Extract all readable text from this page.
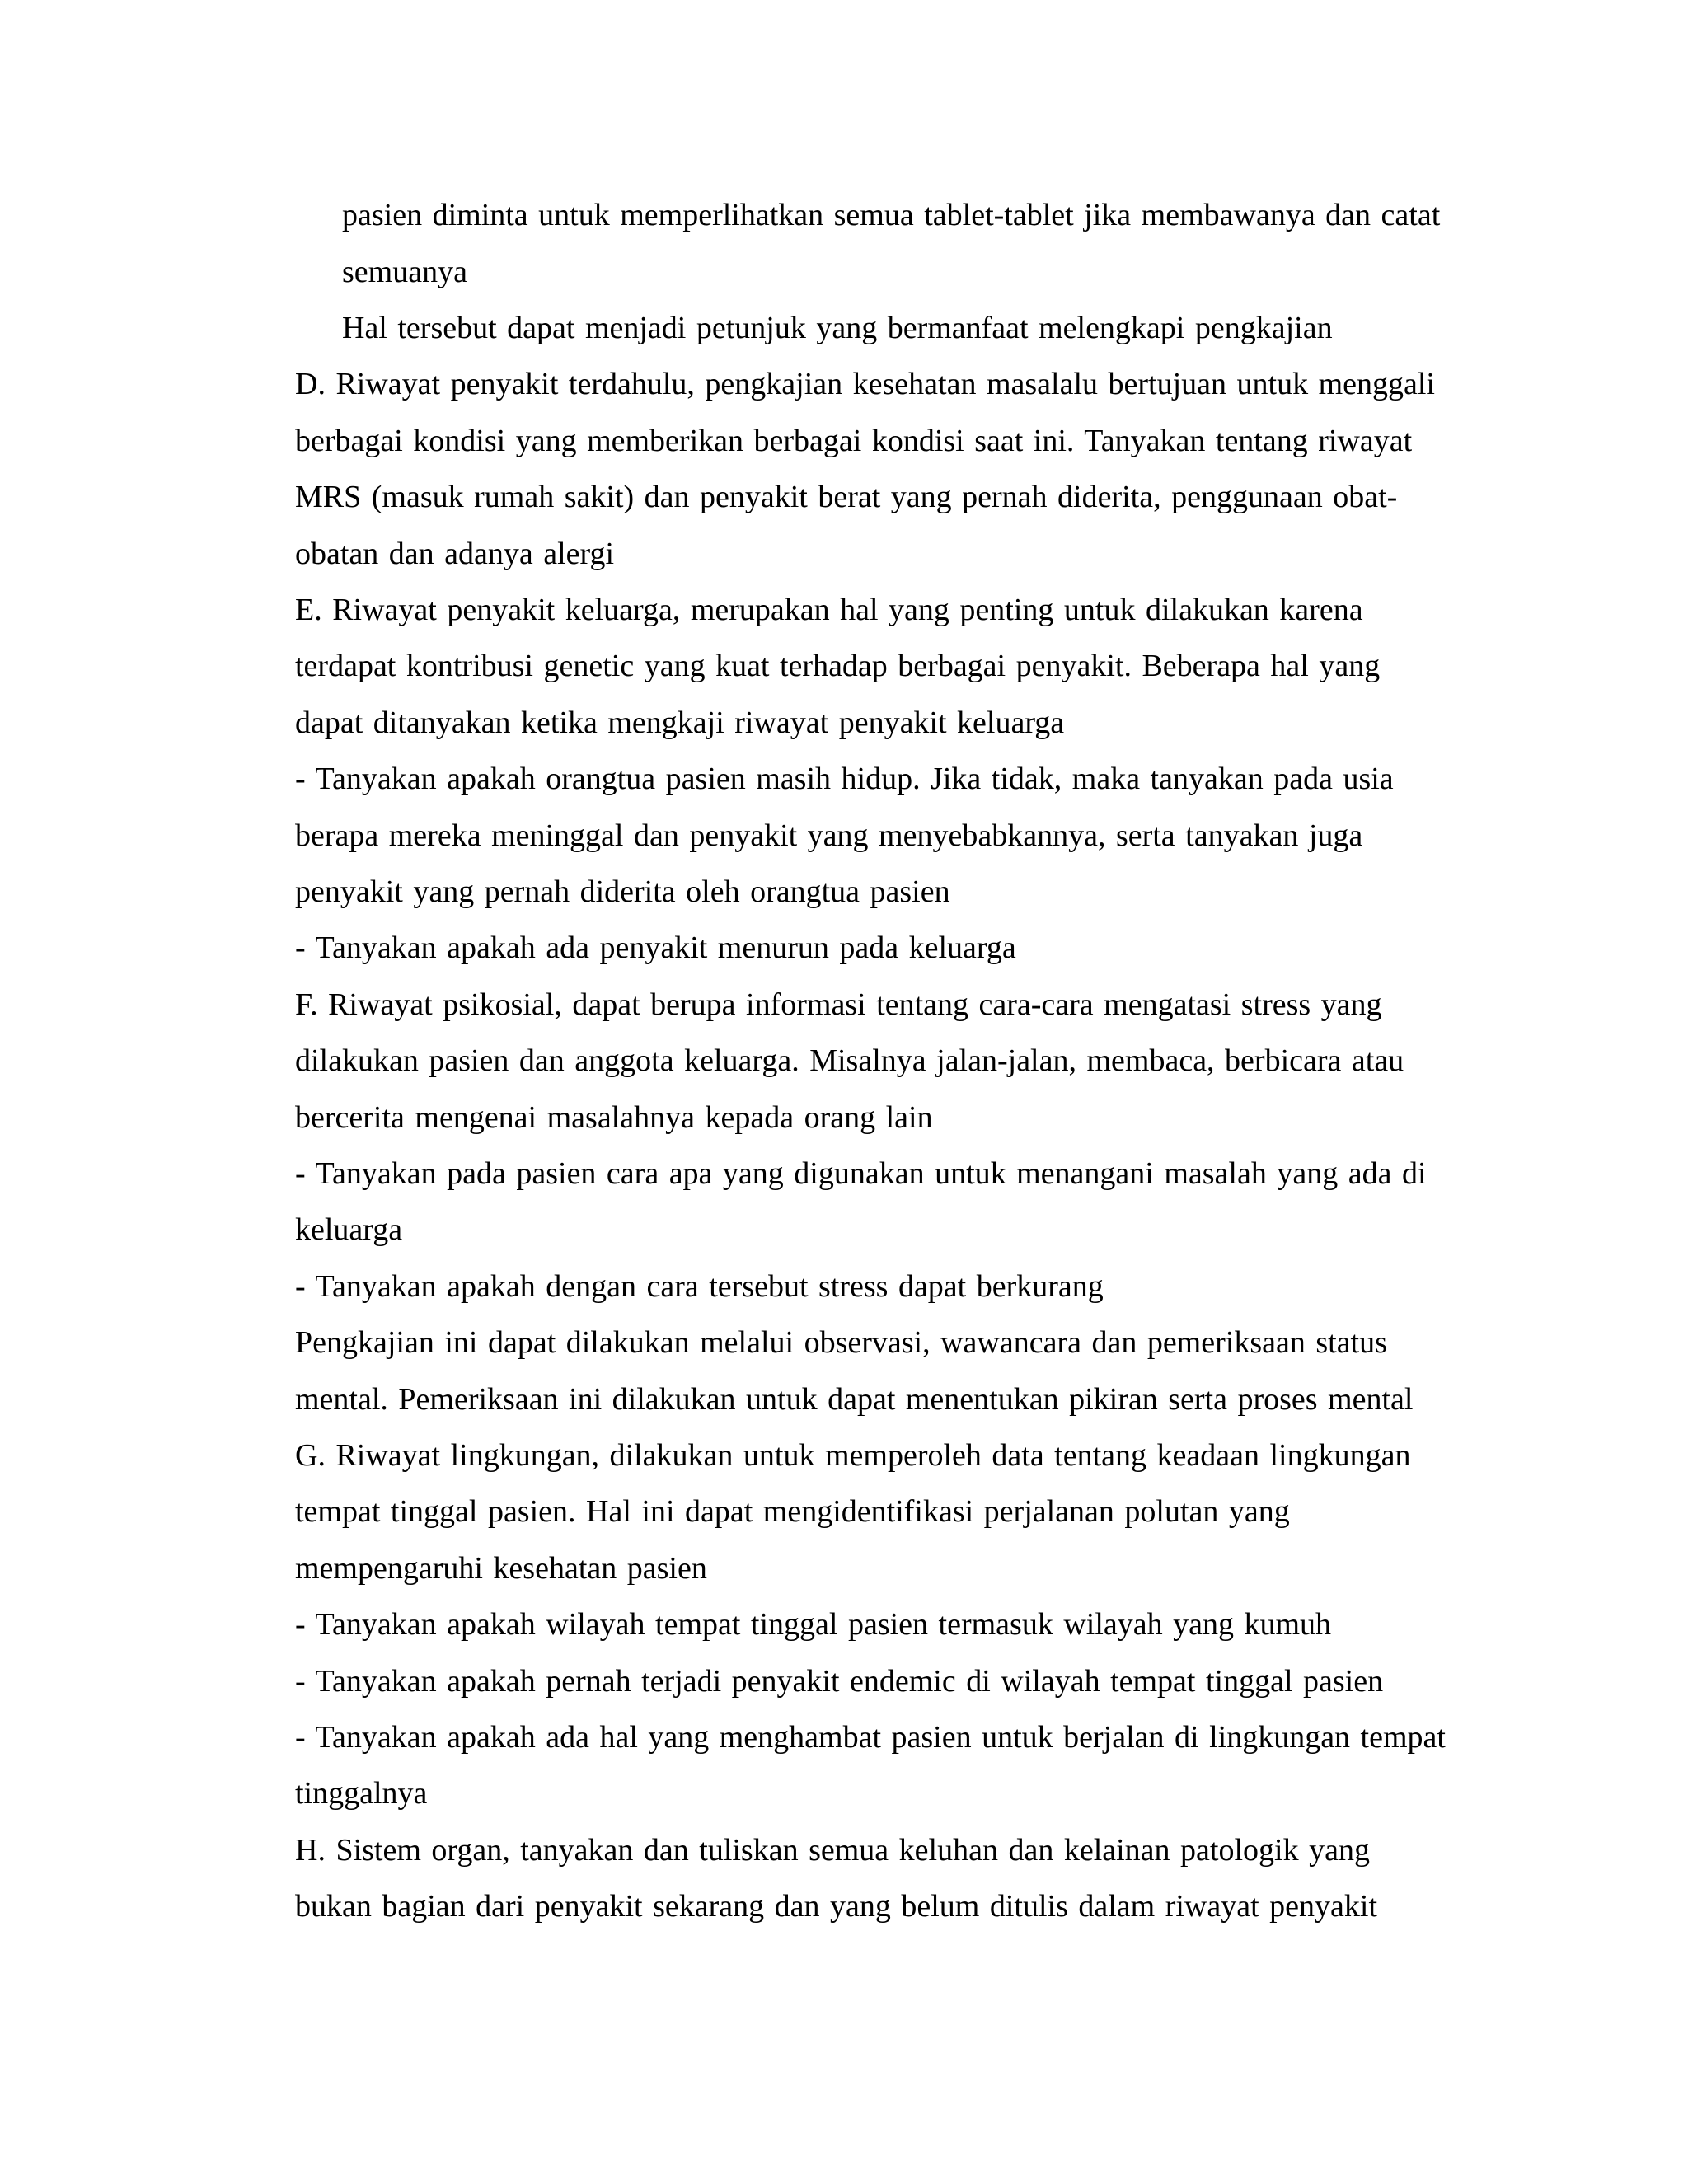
pasien diminta untuk memperlihatkan semua tablet-tablet jika membawanya dan catat
semuanya
Hal tersebut dapat menjadi petunjuk yang bermanfaat melengkapi pengkajian
D. Riwayat penyakit terdahulu, pengkajian kesehatan masalalu bertujuan untuk menggali
berbagai kondisi yang memberikan berbagai kondisi saat ini. Tanyakan tentang riwayat
MRS (masuk rumah sakit) dan penyakit berat yang pernah diderita, penggunaan obat-
obatan dan adanya alergi
E. Riwayat penyakit keluarga, merupakan hal yang penting untuk dilakukan karena
terdapat kontribusi genetic yang kuat terhadap berbagai penyakit. Beberapa hal yang
dapat ditanyakan ketika mengkaji riwayat penyakit keluarga
- Tanyakan apakah orangtua pasien masih hidup. Jika tidak, maka tanyakan pada usia
berapa mereka meninggal dan penyakit yang menyebabkannya, serta tanyakan juga
penyakit yang pernah diderita oleh orangtua pasien
- Tanyakan apakah ada penyakit menurun pada keluarga
F. Riwayat psikosial, dapat berupa informasi tentang cara-cara mengatasi stress yang
dilakukan pasien dan anggota keluarga. Misalnya jalan-jalan, membaca, berbicara atau
bercerita mengenai masalahnya kepada orang lain
- Tanyakan pada pasien cara apa yang digunakan untuk menangani masalah yang ada di
keluarga
- Tanyakan apakah dengan cara tersebut stress dapat berkurang
Pengkajian ini dapat dilakukan melalui observasi, wawancara dan pemeriksaan status
mental. Pemeriksaan ini dilakukan untuk dapat menentukan pikiran serta proses mental
G. Riwayat lingkungan, dilakukan untuk memperoleh data tentang keadaan lingkungan
tempat tinggal pasien. Hal ini dapat mengidentifikasi perjalanan polutan yang
mempengaruhi kesehatan pasien
- Tanyakan apakah wilayah tempat tinggal pasien termasuk wilayah yang kumuh
- Tanyakan apakah pernah terjadi penyakit endemic di wilayah tempat tinggal pasien
- Tanyakan apakah ada hal yang menghambat pasien untuk berjalan di lingkungan tempat
tinggalnya
H. Sistem organ, tanyakan dan tuliskan semua keluhan dan kelainan patologik yang
bukan bagian dari penyakit sekarang dan yang belum ditulis dalam riwayat penyakit
